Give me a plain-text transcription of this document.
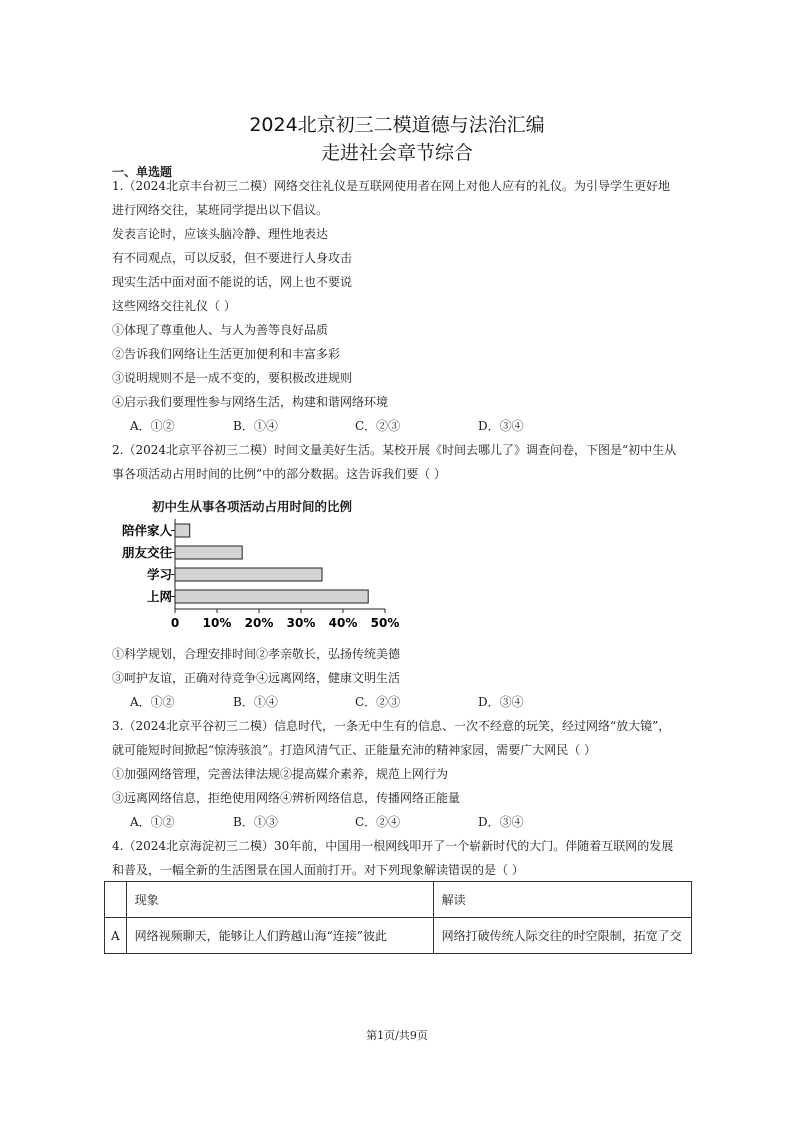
2024北京初三二模道德与法治汇编
走进社会章节综合
一、单选题
1.（2024北京丰台初三二模）网络交往礼仪是互联网使用者在网上对他人应有的礼仪。为引导学生更好地
进行网络交往，某班同学提出以下倡议。
发表言论时，应该头脑冷静、理性地表达
有不同观点，可以反驳，但不要进行人身攻击
现实生活中面对面不能说的话，网上也不要说
这些网络交往礼仪（ ）
①体现了尊重他人、与人为善等良好品质
②告诉我们网络让生活更加便利和丰富多彩
③说明规则不是一成不变的，要积极改进规则
④启示我们要理性参与网络生活，构建和谐网络环境
A．①②	B．①④	C．②③	D．③④
2.（2024北京平谷初三二模）时间文量美好生活。某校开展《时间去哪儿了》调查问卷，下图是“初中生从
事各项活动占用时间的比例”中的部分数据。这告诉我们要（ ）
初中生从事各项活动占用时间的比例
陪伴家人
朋友交往
学习
上网
0 10% 20% 30% 40% 50%
①科学规划，合理安排时间②孝亲敬长，弘扬传统美德
③呵护友谊，正确对待竞争④远离网络，健康文明生活
A．①②	B．①④	C．②③	D．③④
3.（2024北京平谷初三二模）信息时代，一条无中生有的信息、一次不经意的玩笑，经过网络“放大镜”，
就可能短时间掀起“惊涛骇浪”。打造风清气正、正能量充沛的精神家园，需要广大网民（ ）
①加强网络管理，完善法律法规②提高媒介素养，规范上网行为
③远离网络信息，拒绝使用网络④辨析网络信息，传播网络正能量
A．①②	B．①③	C．②④	D．③④
4.（2024北京海淀初三二模）30年前，中国用一根网线叩开了一个崭新时代的大门。伴随着互联网的发展
和普及，一幅全新的生活图景在国人面前打开。对下列现象解读错误的是（ ）
	现象	解读
A	网络视频聊天，能够让人们跨越山海“连接”彼此	网络打破传统人际交往的时空限制，拓宽了交
第1页/共9页
